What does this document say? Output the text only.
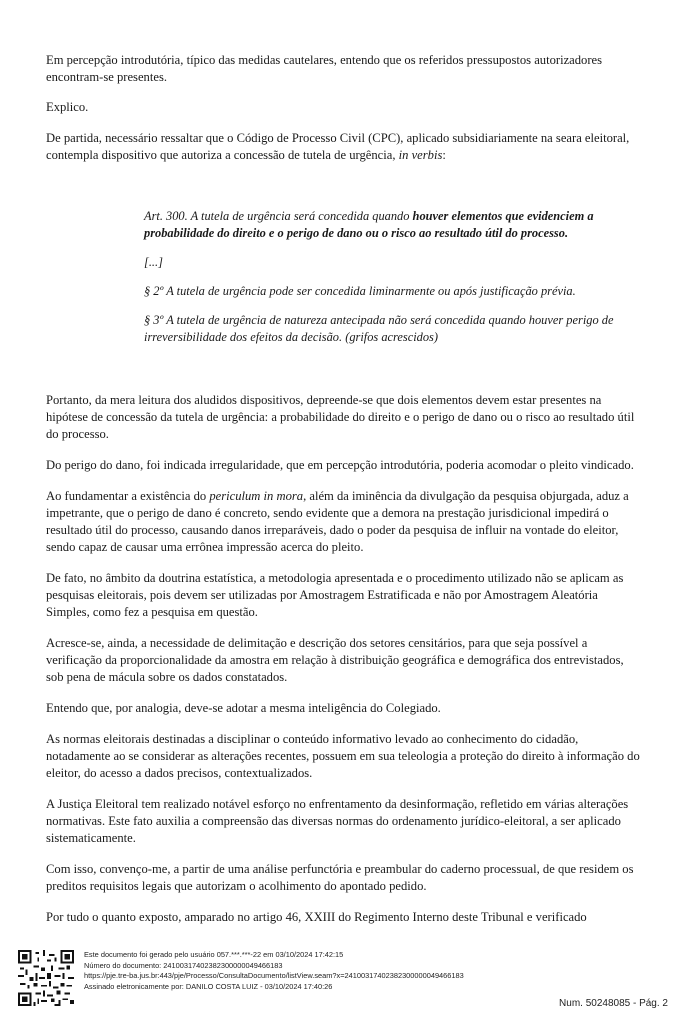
Em percepção introdutória, típico das medidas cautelares, entendo que os referidos pressupostos autorizadores encontram-se presentes.

Explico.

De partida, necessário ressaltar que o Código de Processo Civil (CPC), aplicado subsidiariamente na seara eleitoral, contempla dispositivo que autoriza a concessão de tutela de urgência, in verbis:

Art. 300. A tutela de urgência será concedida quando houver elementos que evidenciem a probabilidade do direito e o perigo de dano ou o risco ao resultado útil do processo.

[...]

§ 2º A tutela de urgência pode ser concedida liminarmente ou após justificação prévia.

§ 3º A tutela de urgência de natureza antecipada não será concedida quando houver perigo de irreversibilidade dos efeitos da decisão. (grifos acrescidos)

Portanto, da mera leitura dos aludidos dispositivos, depreende-se que dois elementos devem estar presentes na hipótese de concessão da tutela de urgência: a probabilidade do direito e o perigo de dano ou o risco ao resultado útil do processo.

Do perigo do dano, foi indicada irregularidade, que em percepção introdutória, poderia acomodar o pleito vindicado.

Ao fundamentar a existência do periculum in mora, além da iminência da divulgação da pesquisa objurgada, aduz a impetrante, que o perigo de dano é concreto, sendo evidente que a demora na prestação jurisdicional impedirá o resultado útil do processo, causando danos irreparáveis, dado o poder da pesquisa de influir na vontade do eleitor, sendo capaz de causar uma errônea impressão acerca do pleito.

De fato, no âmbito da doutrina estatística, a metodologia apresentada e o procedimento utilizado não se aplicam as pesquisas eleitorais, pois devem ser utilizadas por Amostragem Estratificada e não por Amostragem Aleatória Simples, como fez a pesquisa em questão.

Acresce-se, ainda, a necessidade de delimitação e descrição dos setores censitários, para que seja possível a verificação da proporcionalidade da amostra em relação à distribuição geográfica e demográfica dos entrevistados, sob pena de mácula sobre os dados constatados.

Entendo que, por analogia, deve-se adotar a mesma inteligência do Colegiado.

As normas eleitorais destinadas a disciplinar o conteúdo informativo levado ao conhecimento do cidadão, notadamente ao se considerar as alterações recentes, possuem em sua teleologia a proteção do direito à informação do eleitor, do acesso a dados precisos, contextualizados.

A Justiça Eleitoral tem realizado notável esforço no enfrentamento da desinformação, refletido em várias alterações normativas. Este fato auxilia a compreensão das diversas normas do ordenamento jurídico-eleitoral, a ser aplicado sistematicamente.

Com isso, convenço-me, a partir de uma análise perfunctória e preambular do caderno processual, de que residem os preditos requisitos legais que autorizam o acolhimento do apontado pedido.

Por tudo o quanto exposto, amparado no artigo 46, XXIII do Regimento Interno deste Tribunal e verificado

Este documento foi gerado pelo usuário 057.***.***-22 em 03/10/2024 17:42:15
Número do documento: 24100317402382300000049466183
https://pje.tre-ba.jus.br:443/pje/Processo/ConsultaDocumento/listView.seam?x=24100317402382300000049466183
Assinado eletronicamente por: DANILO COSTA LUIZ - 03/10/2024 17:40:26
Num. 50248085 - Pág. 2
